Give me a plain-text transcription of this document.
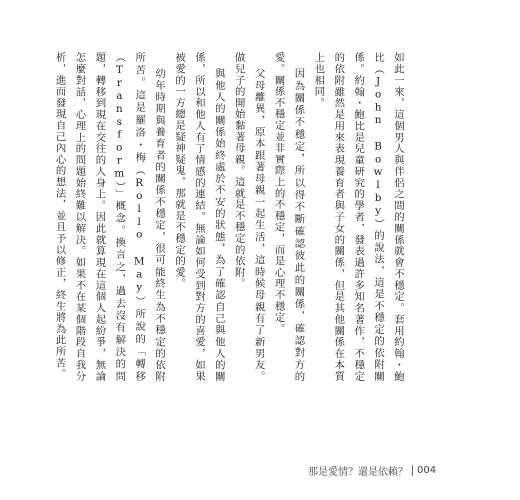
如此一來，這個男人與伴侶之間的關係就會不穩定。套用約翰・鮑比（John Bowlby）的說法，這是不穩定的依附關係。約翰・鮑比是兒童研究的學者，發表過許多知名著作，不穩定的依附雖然是用來表現養育者與子女的關係，但是其他關係在本質上也相同。

因為關係不穩定，所以得不斷確認彼此的關係，確認對方的愛。關係不穩定並非實際上的不穩定，而是心理不穩定。

父母離異，原本跟著母親一起生活，這時候母親有了新男友。做兒子的開始黏著母親。這就是不穩定的依附。

與他人的關係始終處於不安的狀態，為了確認自己與他人的關係，所以和他人有了情感的連結。無論如何受到對方的喜愛，如果被愛的一方總是疑神疑鬼，那就是不穩定的愛。

幼年時期與養育者的關係不穩定，很可能終生為不穩定的依附所苦。這是羅洛・梅（Rollo May）所說的「轉移（Transform）」概念。換言之，過去沒有解決的問題，轉移到現在交往的人身上。因此就算現在這個人起紛爭，無論怎麼對話，心理上的問題始終難以解決。如果不在某個階段自我分析，進而發現自己內心的想法，並且予以修正，終生將為此所苦。

那是愛情？還是依賴？ 004
